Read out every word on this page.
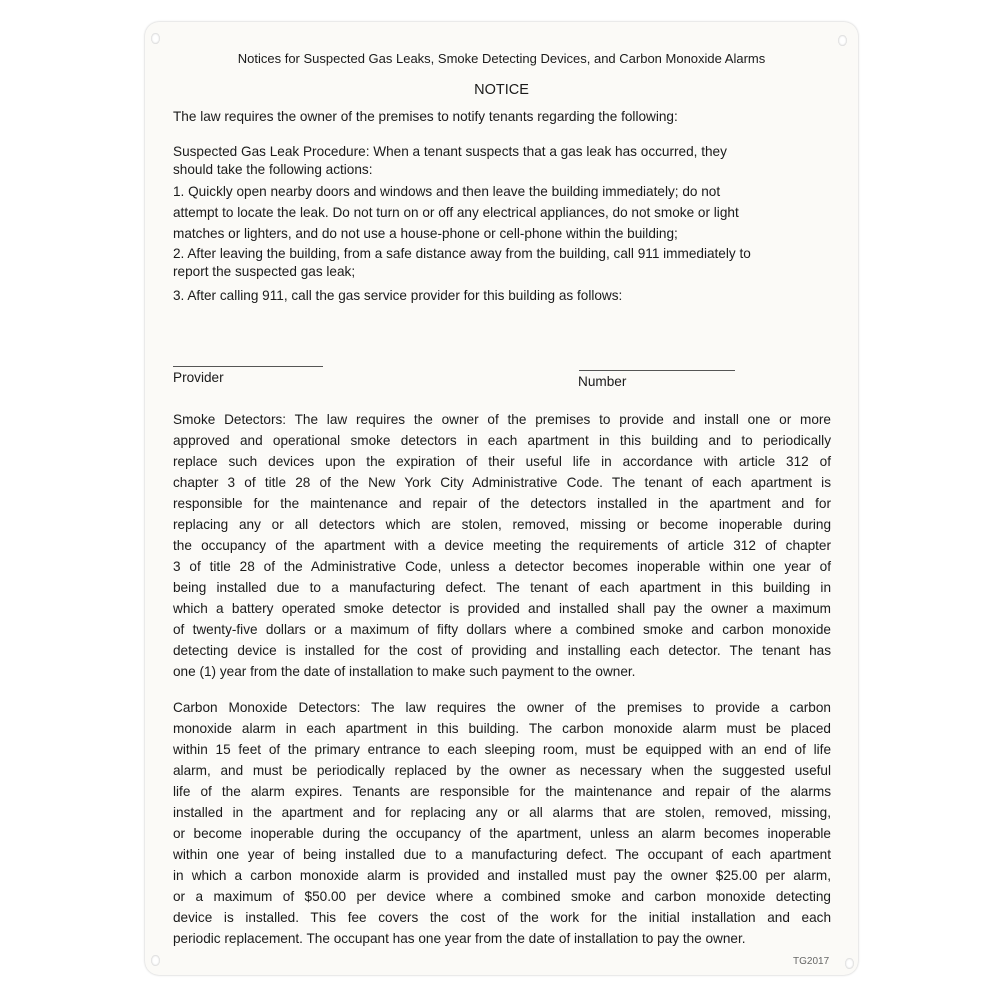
Notices for Suspected Gas Leaks, Smoke Detecting Devices, and Carbon Monoxide Alarms
NOTICE
The law requires the owner of the premises to notify tenants regarding the following:
Suspected Gas Leak Procedure: When a tenant suspects that a gas leak has occurred, they
should take the following actions:
1. Quickly open nearby doors and windows and then leave the building immediately; do not
attempt to locate the leak. Do not turn on or off any electrical appliances, do not smoke or light
matches or lighters, and do not use a house-phone or cell-phone within the building;
2. After leaving the building, from a safe distance away from the building, call 911 immediately to
report the suspected gas leak;
3. After calling 911, call the gas service provider for this building as follows:
Provider	Number
Smoke Detectors: The law requires the owner of the premises to provide and install one or more
approved and operational smoke detectors in each apartment in this building and to periodically
replace such devices upon the expiration of their useful life in accordance with article 312 of
chapter 3 of title 28 of the New York City Administrative Code. The tenant of each apartment is
responsible for the maintenance and repair of the detectors installed in the apartment and for
replacing any or all detectors which are stolen, removed, missing or become inoperable during
the occupancy of the apartment with a device meeting the requirements of article 312 of chapter
3 of title 28 of the Administrative Code, unless a detector becomes inoperable within one year of
being installed due to a manufacturing defect. The tenant of each apartment in this building in
which a battery operated smoke detector is provided and installed shall pay the owner a maximum
of twenty-five dollars or a maximum of fifty dollars where a combined smoke and carbon monoxide
detecting device is installed for the cost of providing and installing each detector. The tenant has
one (1) year from the date of installation to make such payment to the owner.
Carbon Monoxide Detectors: The law requires the owner of the premises to provide a carbon
monoxide alarm in each apartment in this building. The carbon monoxide alarm must be placed
within 15 feet of the primary entrance to each sleeping room, must be equipped with an end of life
alarm, and must be periodically replaced by the owner as necessary when the suggested useful
life of the alarm expires. Tenants are responsible for the maintenance and repair of the alarms
installed in the apartment and for replacing any or all alarms that are stolen, removed, missing,
or become inoperable during the occupancy of the apartment, unless an alarm becomes inoperable
within one year of being installed due to a manufacturing defect. The occupant of each apartment
in which a carbon monoxide alarm is provided and installed must pay the owner $25.00 per alarm,
or a maximum of $50.00 per device where a combined smoke and carbon monoxide detecting
device is installed. This fee covers the cost of the work for the initial installation and each
periodic replacement. The occupant has one year from the date of installation to pay the owner.
TG2017
